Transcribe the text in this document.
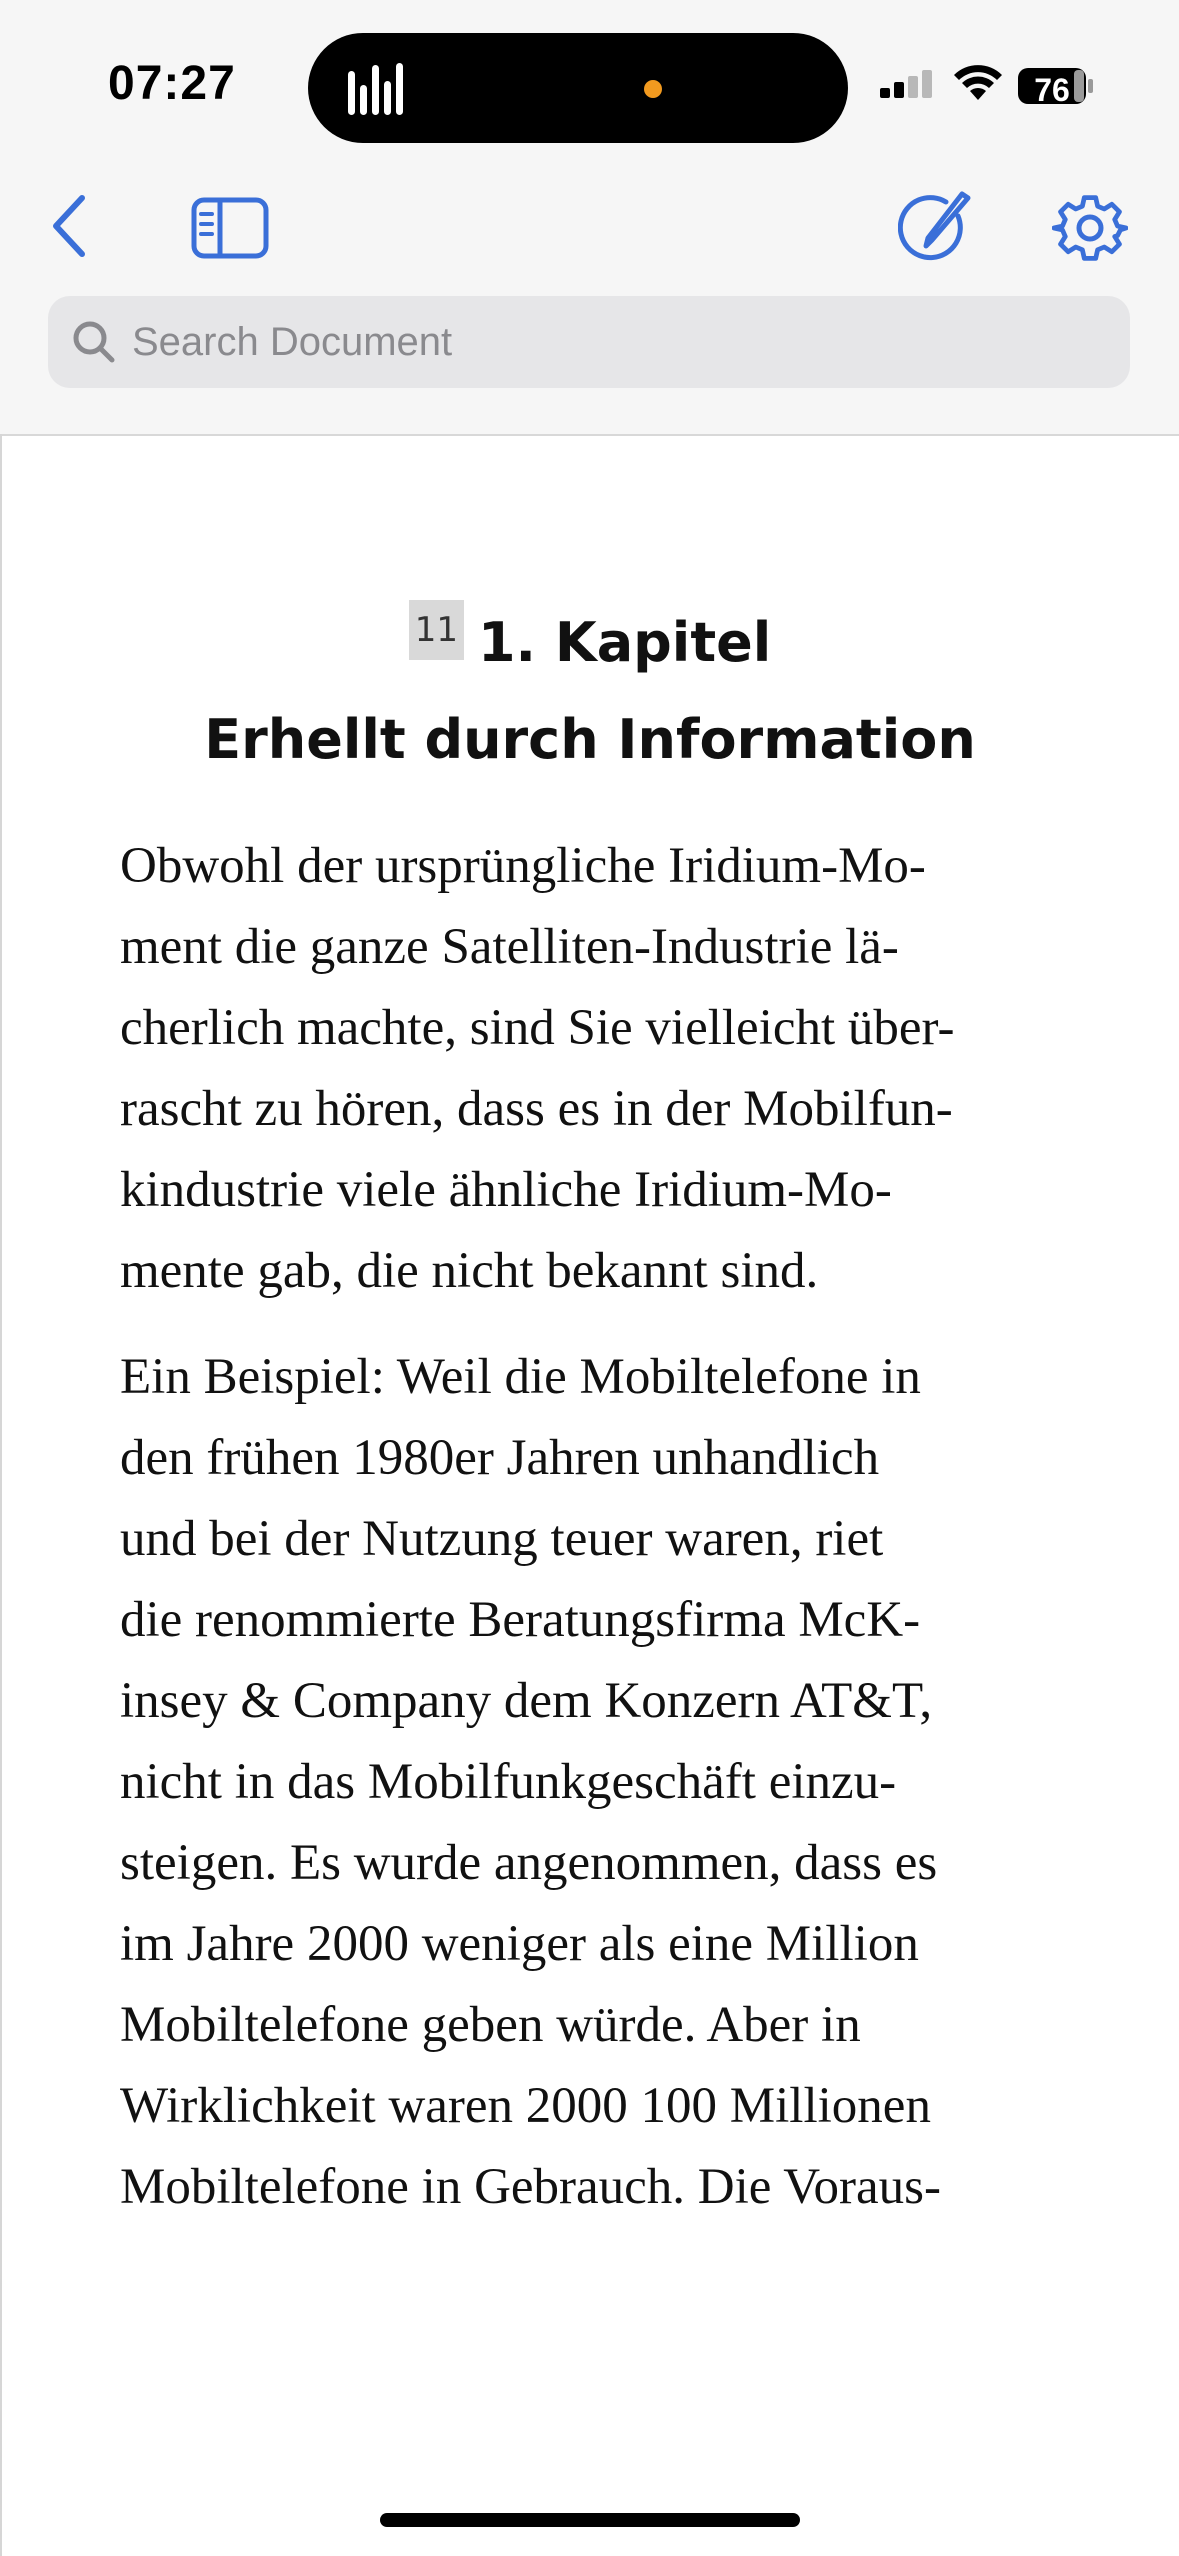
07:27	76
Search Document
11 1. Kapitel
Erhellt durch Information

Obwohl der ursprüngliche Iridium-Mo-
ment die ganze Satelliten-Industrie lä-
cherlich machte, sind Sie vielleicht über-
rascht zu hören, dass es in der Mobilfun-
kindustrie viele ähnliche Iridium-Mo-
mente gab, die nicht bekannt sind.

Ein Beispiel: Weil die Mobiltelefone in
den frühen 1980er Jahren unhandlich
und bei der Nutzung teuer waren, riet
die renommierte Beratungsfirma McK-
insey & Company dem Konzern AT&T,
nicht in das Mobilfunkgeschäft einzu-
steigen. Es wurde angenommen, dass es
im Jahre 2000 weniger als eine Million
Mobiltelefone geben würde. Aber in
Wirklichkeit waren 2000 100 Millionen
Mobiltelefone in Gebrauch. Die Voraus-
